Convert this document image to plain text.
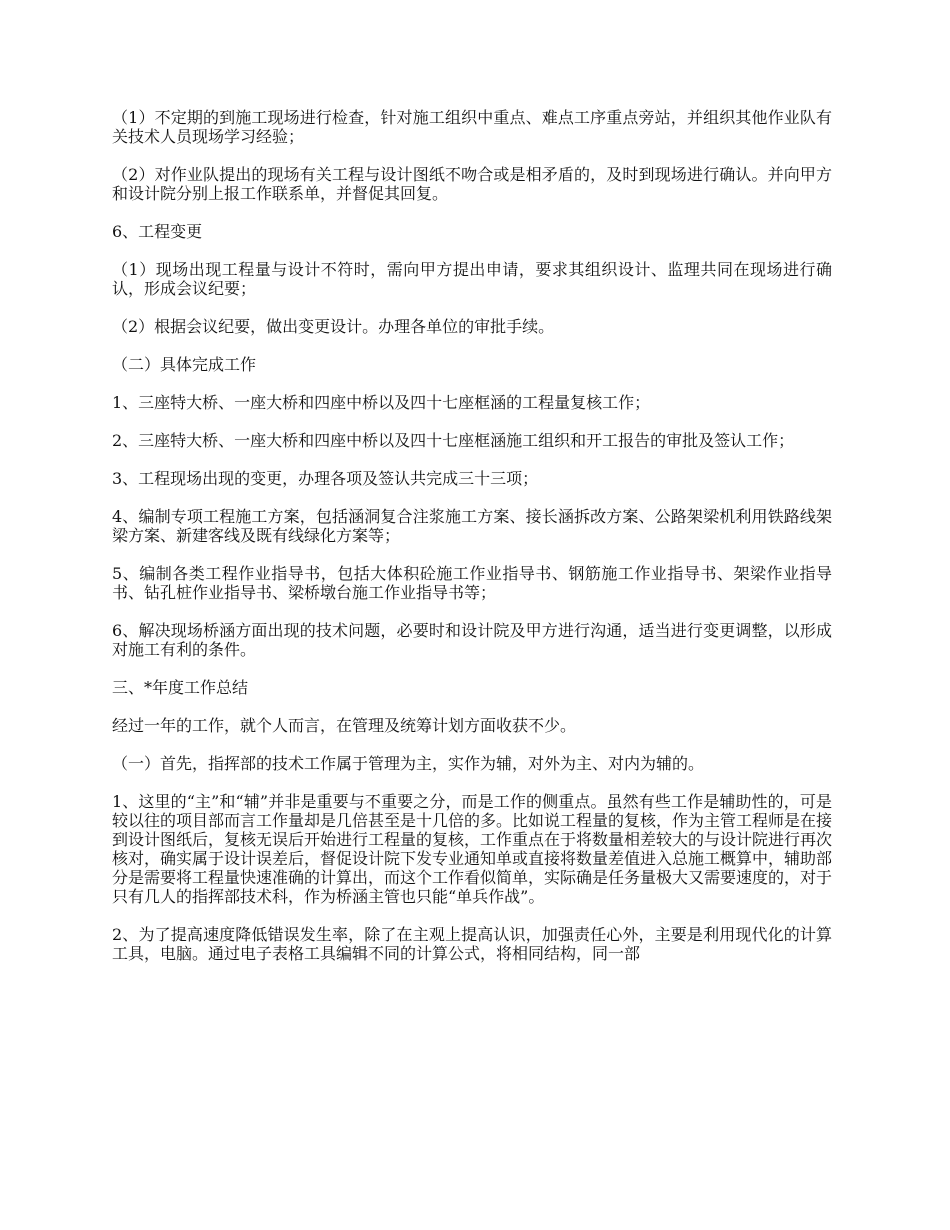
（1）不定期的到施工现场进行检查，针对施工组织中重点、难点工序重点旁站，并组织其他作业队有关技术人员现场学习经验；

（2）对作业队提出的现场有关工程与设计图纸不吻合或是相矛盾的，及时到现场进行确认。并向甲方和设计院分别上报工作联系单，并督促其回复。

6、工程变更

（1）现场出现工程量与设计不符时，需向甲方提出申请，要求其组织设计、监理共同在现场进行确认，形成会议纪要；

（2）根据会议纪要，做出变更设计。办理各单位的审批手续。

（二）具体完成工作

1、三座特大桥、一座大桥和四座中桥以及四十七座框涵的工程量复核工作；

2、三座特大桥、一座大桥和四座中桥以及四十七座框涵施工组织和开工报告的审批及签认工作；

3、工程现场出现的变更，办理各项及签认共完成三十三项；

4、编制专项工程施工方案，包括涵洞复合注浆施工方案、接长涵拆改方案、公路架梁机利用铁路线架梁方案、新建客线及既有线绿化方案等；

5、编制各类工程作业指导书，包括大体积砼施工作业指导书、钢筋施工作业指导书、架梁作业指导书、钻孔桩作业指导书、梁桥墩台施工作业指导书等；

6、解决现场桥涵方面出现的技术问题，必要时和设计院及甲方进行沟通，适当进行变更调整，以形成对施工有利的条件。

三、*年度工作总结

经过一年的工作，就个人而言，在管理及统筹计划方面收获不少。

（一）首先，指挥部的技术工作属于管理为主，实作为辅，对外为主、对内为辅的。

1、这里的“主”和“辅”并非是重要与不重要之分，而是工作的侧重点。虽然有些工作是辅助性的，可是较以往的项目部而言工作量却是几倍甚至是十几倍的多。比如说工程量的复核，作为主管工程师是在接到设计图纸后，复核无误后开始进行工程量的复核，工作重点在于将数量相差较大的与设计院进行再次核对，确实属于设计误差后，督促设计院下发专业通知单或直接将数量差值进入总施工概算中，辅助部分是需要将工程量快速准确的计算出，而这个工作看似简单，实际确是任务量极大又需要速度的，对于只有几人的指挥部技术科，作为桥涵主管也只能“单兵作战”。

2、为了提高速度降低错误发生率，除了在主观上提高认识，加强责任心外，主要是利用现代化的计算工具，电脑。通过电子表格工具编辑不同的计算公式，将相同结构，同一部
